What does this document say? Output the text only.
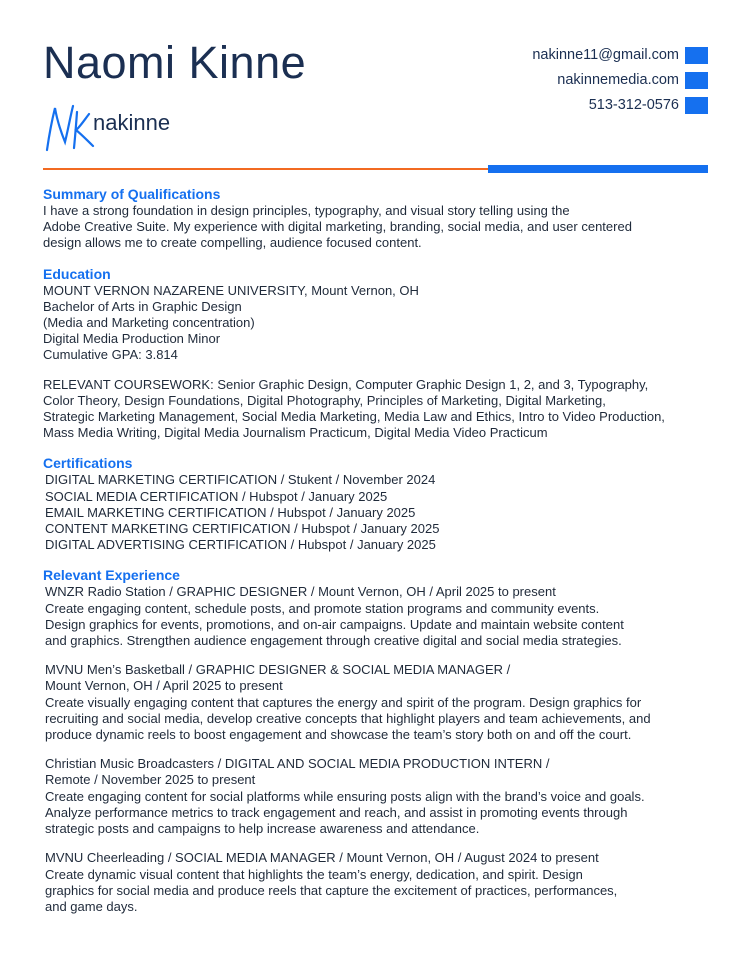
Naomi Kinne
nakinne
nakinne11@gmail.com
nakinnemedia.com
513-312-0576
Summary of Qualifications
I have a strong foundation in design principles, typography, and visual story telling using the
Adobe Creative Suite. My experience with digital marketing, branding, social media, and user centered
design allows me to create compelling, audience focused content.
Education
MOUNT VERNON NAZARENE UNIVERSITY, Mount Vernon, OH
Bachelor of Arts in Graphic Design
(Media and Marketing concentration)
Digital Media Production Minor
Cumulative GPA: 3.814
RELEVANT COURSEWORK: Senior Graphic Design, Computer Graphic Design 1, 2, and 3, Typography,
Color Theory, Design Foundations, Digital Photography, Principles of Marketing, Digital Marketing,
Strategic Marketing Management, Social Media Marketing, Media Law and Ethics, Intro to Video Production,
Mass Media Writing, Digital Media Journalism Practicum, Digital Media Video Practicum
Certifications
DIGITAL MARKETING CERTIFICATION / Stukent / November 2024
SOCIAL MEDIA CERTIFICATION / Hubspot / January 2025
EMAIL MARKETING CERTIFICATION / Hubspot / January 2025
CONTENT MARKETING CERTIFICATION / Hubspot / January 2025
DIGITAL ADVERTISING CERTIFICATION / Hubspot / January 2025
Relevant Experience
WNZR Radio Station / GRAPHIC DESIGNER / Mount Vernon, OH / April 2025 to present
Create engaging content, schedule posts, and promote station programs and community events.
Design graphics for events, promotions, and on-air campaigns. Update and maintain website content
and graphics. Strengthen audience engagement through creative digital and social media strategies.
MVNU Men’s Basketball / GRAPHIC DESIGNER & SOCIAL MEDIA MANAGER /
Mount Vernon, OH / April 2025 to present
Create visually engaging content that captures the energy and spirit of the program. Design graphics for
recruiting and social media, develop creative concepts that highlight players and team achievements, and
produce dynamic reels to boost engagement and showcase the team’s story both on and off the court.
Christian Music Broadcasters / DIGITAL AND SOCIAL MEDIA PRODUCTION INTERN /
Remote / November 2025 to present
Create engaging content for social platforms while ensuring posts align with the brand’s voice and goals.
Analyze performance metrics to track engagement and reach, and assist in promoting events through
strategic posts and campaigns to help increase awareness and attendance.
MVNU Cheerleading / SOCIAL MEDIA MANAGER / Mount Vernon, OH / August 2024 to present
Create dynamic visual content that highlights the team’s energy, dedication, and spirit. Design
graphics for social media and produce reels that capture the excitement of practices, performances,
and game days.
